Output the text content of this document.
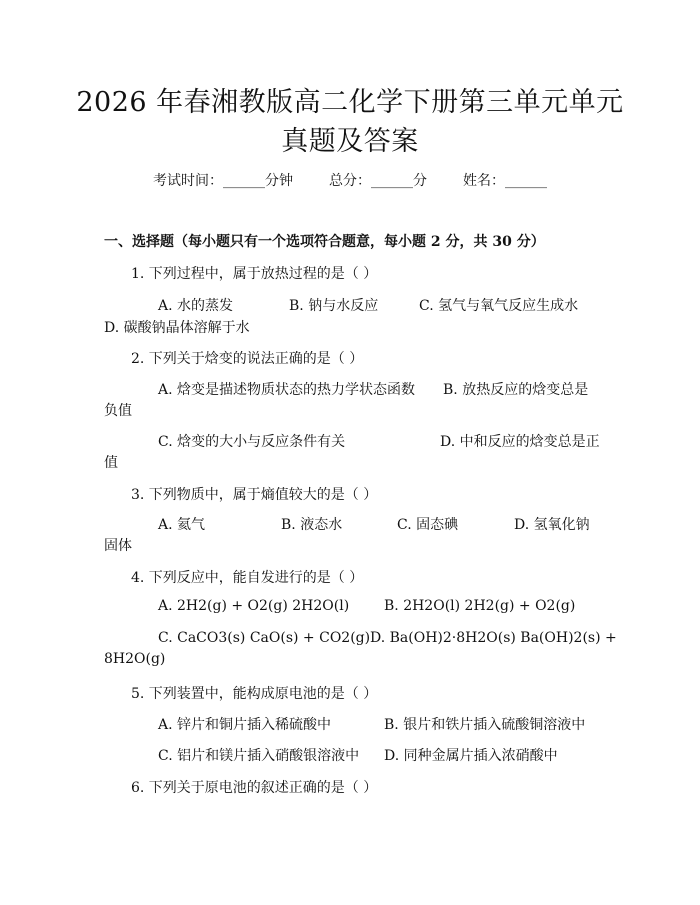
2026 年春湘教版高二化学下册第三单元单元
真题及答案
考试时间：______分钟	总分：______分	姓名：______
一、选择题（每小题只有一个选项符合题意，每小题 2 分，共 30 分）
1. 下列过程中，属于放热过程的是（ ）
A. 水的蒸发	B. 钠与水反应	C. 氢气与氧气反应生成水
D. 碳酸钠晶体溶解于水
2. 下列关于焓变的说法正确的是（ ）
A. 焓变是描述物质状态的热力学状态函数 B. 放热反应的焓变总是
负值
C. 焓变的大小与反应条件有关	D. 中和反应的焓变总是正
值
3. 下列物质中，属于熵值较大的是（ ）
A. 氦气	B. 液态水	C. 固态碘	D. 氢氧化钠
固体
4. 下列反应中，能自发进行的是（ ）
A. 2H2(g) + O2(g) 2H2O(l) B. 2H2O(l) 2H2(g) + O2(g)
C. CaCO3(s) CaO(s) + CO2(g) D. Ba(OH)2·8H2O(s) Ba(OH)2(s) +
8H2O(g)
5. 下列装置中，能构成原电池的是（ ）
A. 锌片和铜片插入稀硫酸中	B. 银片和铁片插入硫酸铜溶液中
C. 铝片和镁片插入硝酸银溶液中 D. 同种金属片插入浓硝酸中
6. 下列关于原电池的叙述正确的是（ ）
